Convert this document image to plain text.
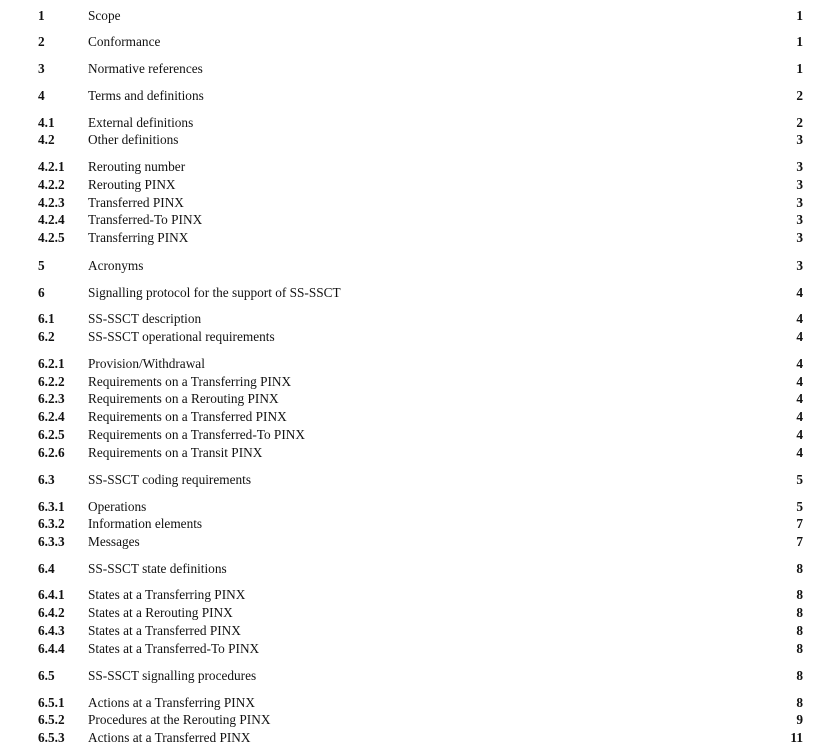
1	Scope	1
2	Conformance	1
3	Normative references	1
4	Terms and definitions	2
4.1	External definitions	2
4.2	Other definitions	3
4.2.1 Rerouting number	3
4.2.2 Rerouting PINX	3
4.2.3 Transferred PINX	3
4.2.4 Transferred-To PINX	3
4.2.5 Transferring PINX	3
5	Acronyms	3
6	Signalling protocol for the support of SS-SSCT	4
6.1	SS-SSCT description	4
6.2	SS-SSCT operational requirements	4
6.2.1 Provision/Withdrawal	4
6.2.2 Requirements on a Transferring PINX	4
6.2.3 Requirements on a Rerouting PINX	4
6.2.4 Requirements on a Transferred PINX	4
6.2.5 Requirements on a Transferred-To PINX	4
6.2.6 Requirements on a Transit PINX	4
6.3	SS-SSCT coding requirements	5
6.3.1 Operations	5
6.3.2 Information elements	7
6.3.3 Messages	7
6.4	SS-SSCT state definitions	8
6.4.1 States at a Transferring PINX	8
6.4.2 States at a Rerouting PINX	8
6.4.3 States at a Transferred PINX	8
6.4.4 States at a Transferred-To PINX	8
6.5	SS-SSCT signalling procedures	8
6.5.1 Actions at a Transferring PINX	8
6.5.2 Procedures at the Rerouting PINX	9
6.5.3 Actions at a Transferred PINX	11
